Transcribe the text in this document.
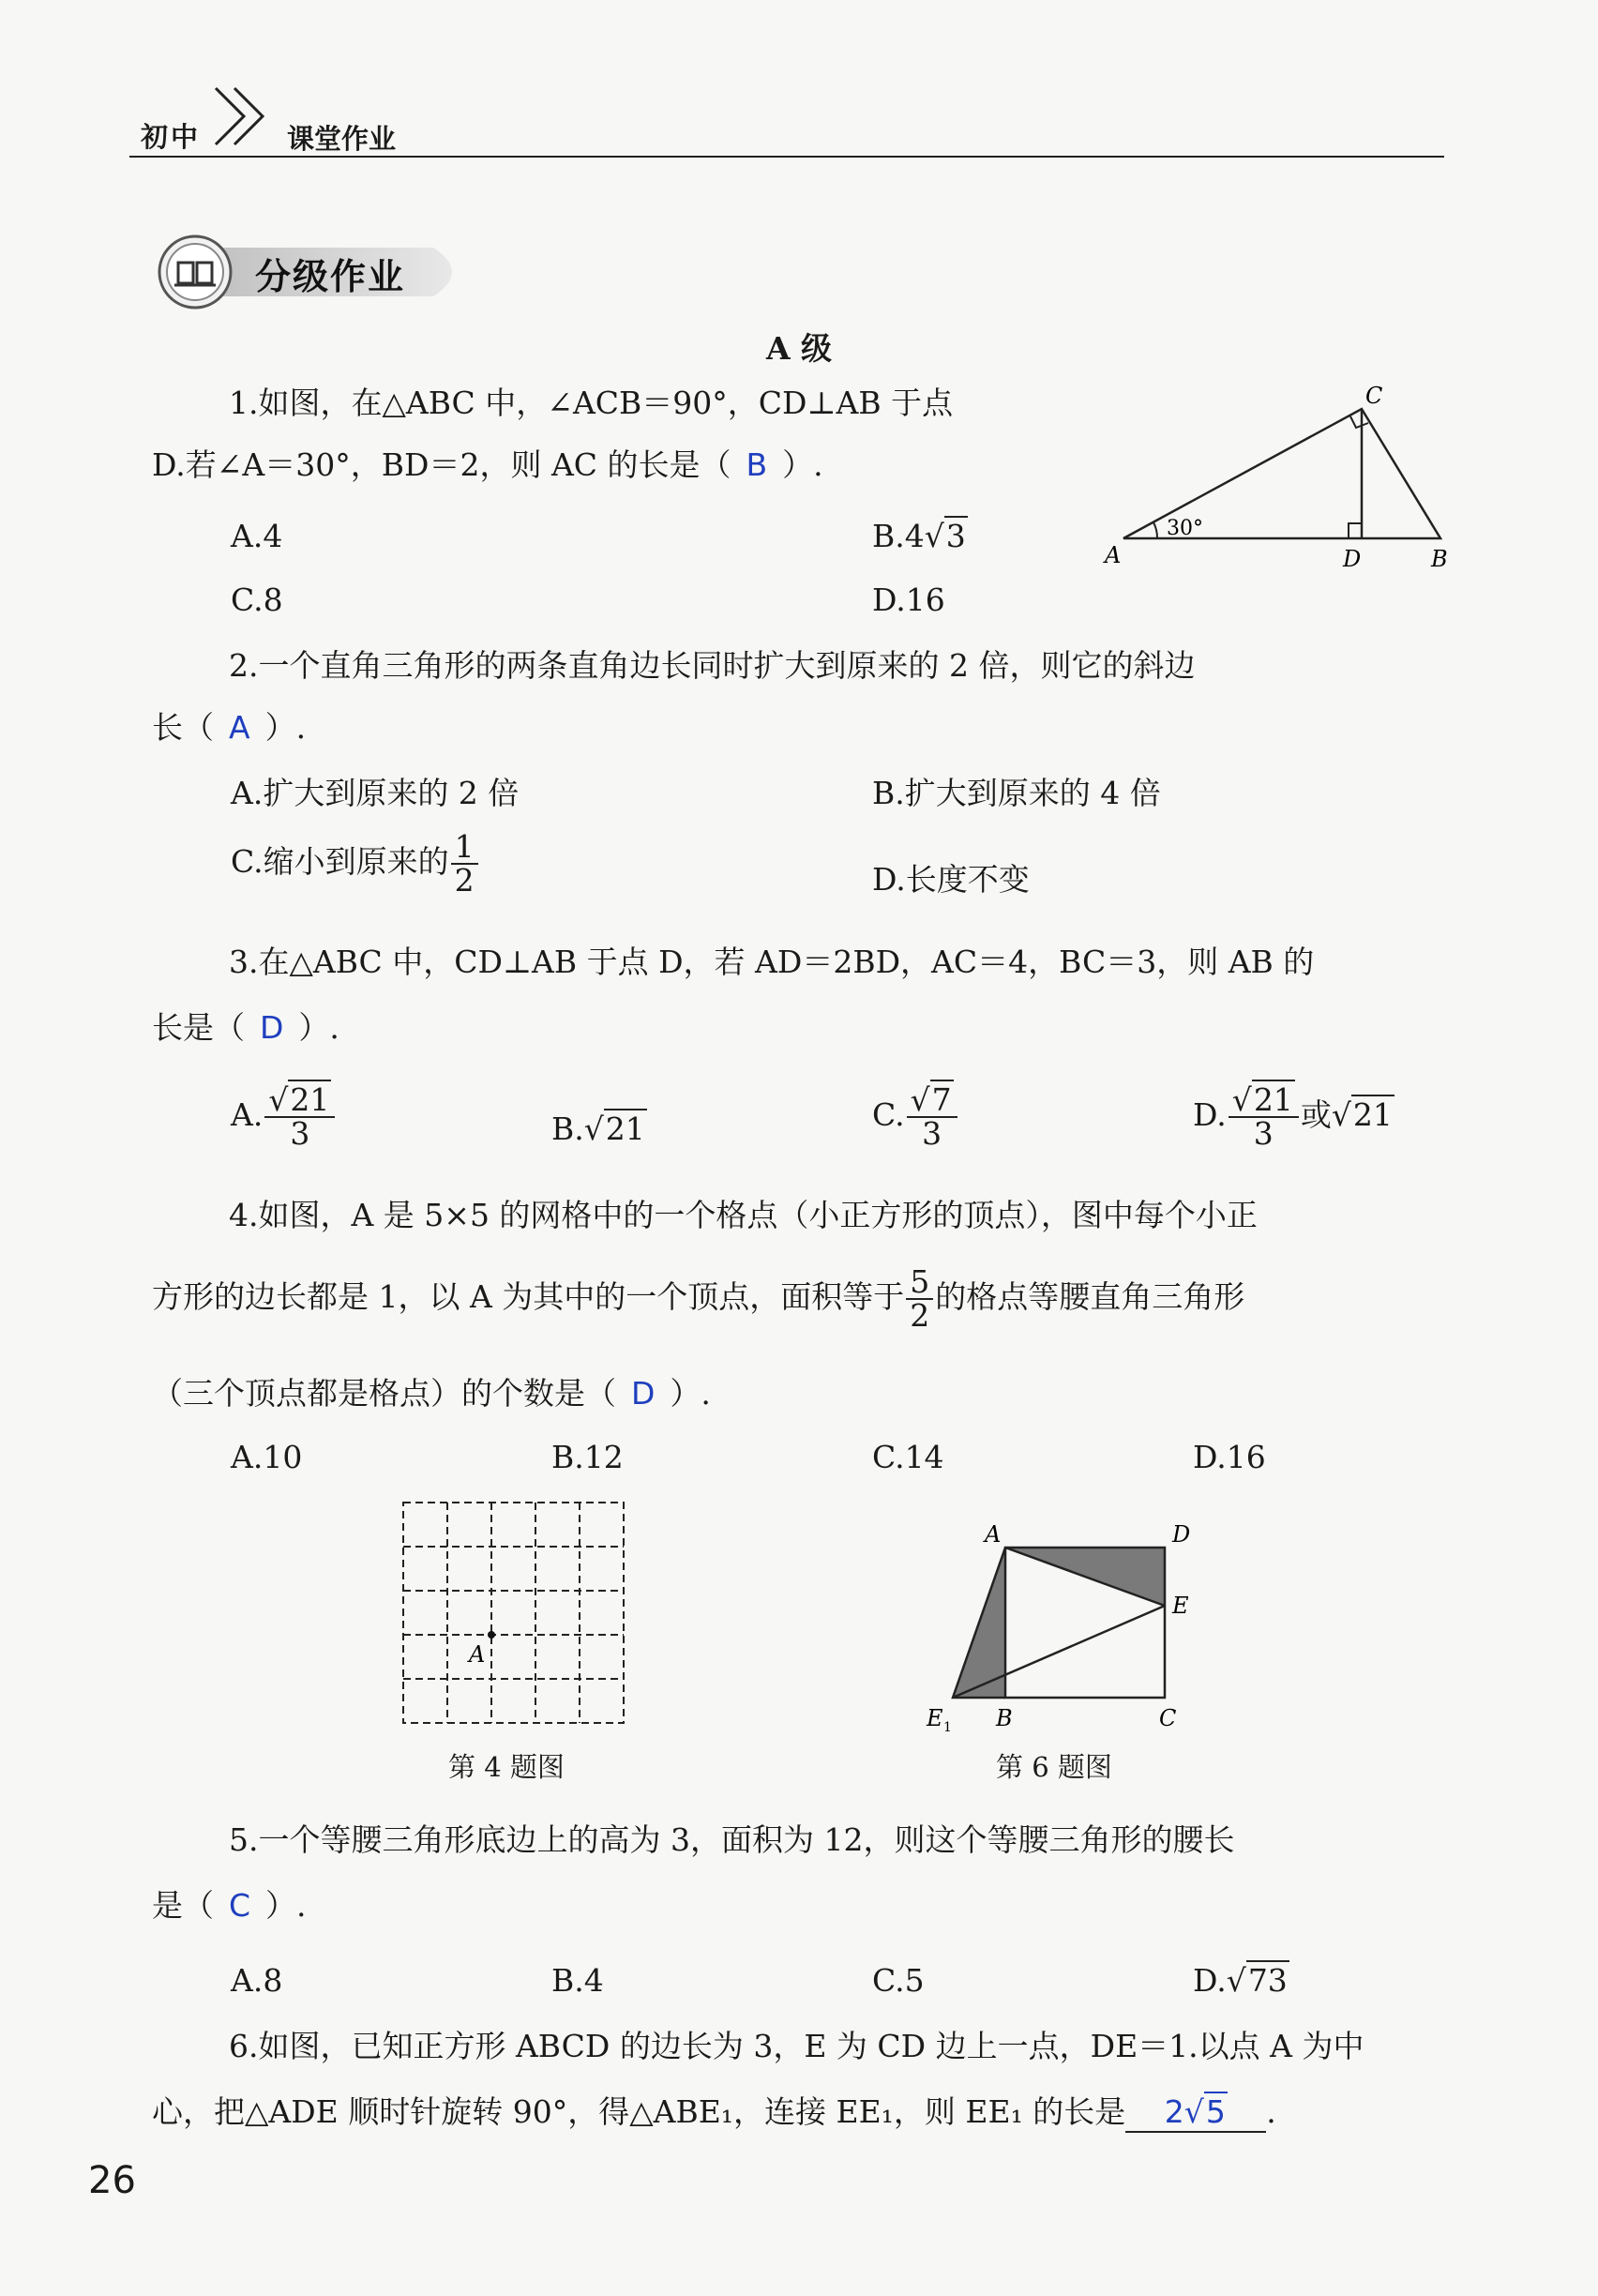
初中	课堂作业
分级作业
A 级
1.如图，在△ABC 中，∠ACB＝90°，CD⊥AB 于点
D.若∠A＝30°，BD＝2，则 AC 的长是（ B ）.
A.4	B.4√3
C.8	D.16
C
A	D	B
30°
2.一个直角三角形的两条直角边长同时扩大到原来的 2 倍，则它的斜边
长（ A ）.
A.扩大到原来的 2 倍	B.扩大到原来的 4 倍
C.缩小到原来的 $\frac{1}{2}$	D.长度不变
3.在△ABC 中，CD⊥AB 于点 D，若 AD＝2BD，AC＝4，BC＝3，则 AB 的
长是（ D ）.
A. $\frac{√21}{3}$	B.√21	C. $\frac{√7}{3}$	D. $\frac{√21}{3}$ 或√21
4.如图，A 是 5×5 的网格中的一个格点（小正方形的顶点），图中每个小正
方形的边长都是 1，以 A 为其中的一个顶点，面积等于 $\frac{5}{2}$ 的格点等腰直角三角形
（三个顶点都是格点）的个数是（ D ）.
A.10	B.12	C.14	D.16
A
第 4 题图
A	D
E
E 1 B	C
第 6 题图
5.一个等腰三角形底边上的高为 3，面积为 12，则这个等腰三角形的腰长
是（ C ）.
A.8	B.4	C.5	D.√73
6.如图，已知正方形 ABCD 的边长为 3，E 为 CD 边上一点，DE＝1.以点 A 为中
心，把△ADE 顺时针旋转 90°，得△ABE₁，连接 EE₁，则 EE₁ 的长是 2√5 .
26
